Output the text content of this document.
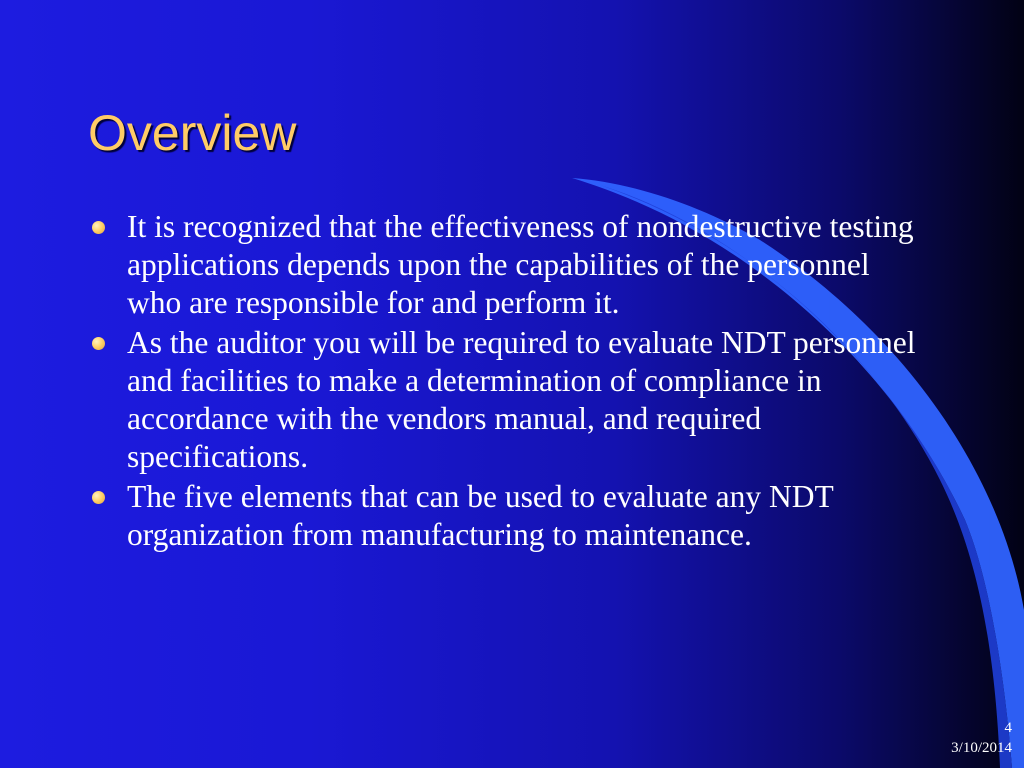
Overview
It is recognized that the effectiveness of nondestructive testing applications depends upon the capabilities of the personnel who are responsible for and perform it.
As the auditor you will be required to evaluate NDT personnel and facilities to make a determination of compliance in accordance with the vendors manual, and required specifications.
The five elements that can be used to evaluate any NDT organization from manufacturing to maintenance.
4
3/10/2014
